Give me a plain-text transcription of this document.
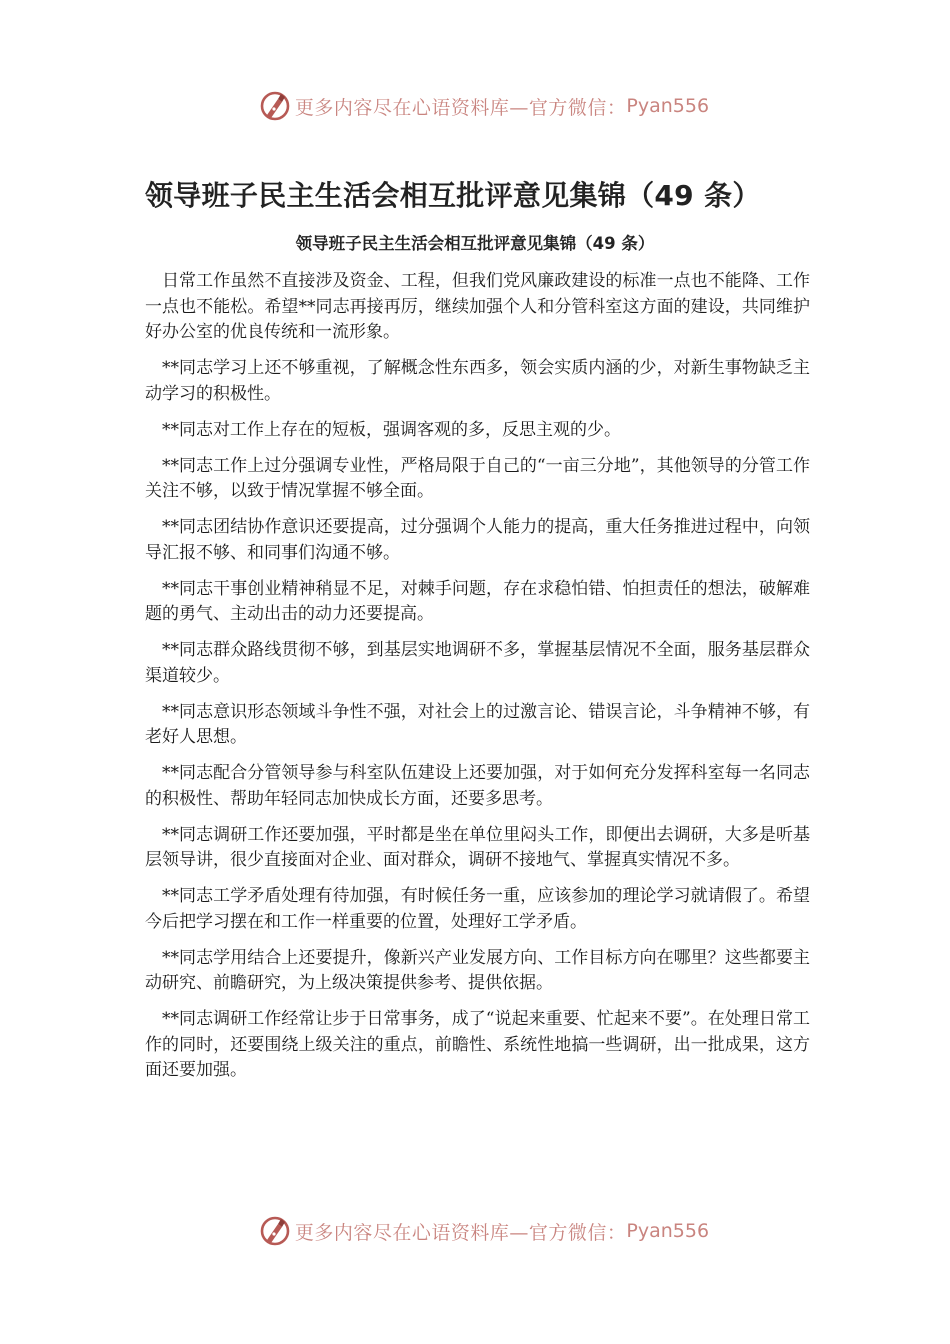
更多内容尽在心语资料库—官方微信： Pyan556
领导班子民主生活会相互批评意见集锦（49 条）
领导班子民主生活会相互批评意见集锦（49 条）

日常工作虽然不直接涉及资金、工程，但我们党风廉政建设的标准一点也不能降、工作一点也不能松。希望**同志再接再厉，继续加强个人和分管科室这方面的建设，共同维护好办公室的优良传统和一流形象。

**同志学习上还不够重视，了解概念性东西多，领会实质内涵的少，对新生事物缺乏主动学习的积极性。

**同志对工作上存在的短板，强调客观的多，反思主观的少。

**同志工作上过分强调专业性，严格局限于自己的“一亩三分地”，其他领导的分管工作关注不够，以致于情况掌握不够全面。

**同志团结协作意识还要提高，过分强调个人能力的提高，重大任务推进过程中，向领导汇报不够、和同事们沟通不够。

**同志干事创业精神稍显不足，对棘手问题，存在求稳怕错、怕担责任的想法，破解难题的勇气、主动出击的动力还要提高。

**同志群众路线贯彻不够，到基层实地调研不多，掌握基层情况不全面，服务基层群众渠道较少。

**同志意识形态领域斗争性不强，对社会上的过激言论、错误言论，斗争精神不够，有老好人思想。

**同志配合分管领导参与科室队伍建设上还要加强，对于如何充分发挥科室每一名同志的积极性、帮助年轻同志加快成长方面，还要多思考。

**同志调研工作还要加强，平时都是坐在单位里闷头工作，即便出去调研，大多是听基层领导讲，很少直接面对企业、面对群众，调研不接地气、掌握真实情况不多。

**同志工学矛盾处理有待加强，有时候任务一重，应该参加的理论学习就请假了。希望今后把学习摆在和工作一样重要的位置，处理好工学矛盾。

**同志学用结合上还要提升，像新兴产业发展方向、工作目标方向在哪里？这些都要主动研究、前瞻研究，为上级决策提供参考、提供依据。

**同志调研工作经常让步于日常事务，成了“说起来重要、忙起来不要”。在处理日常工作的同时，还要围绕上级关注的重点，前瞻性、系统性地搞一些调研，出一批成果，这方面还要加强。

更多内容尽在心语资料库—官方微信： Pyan556
